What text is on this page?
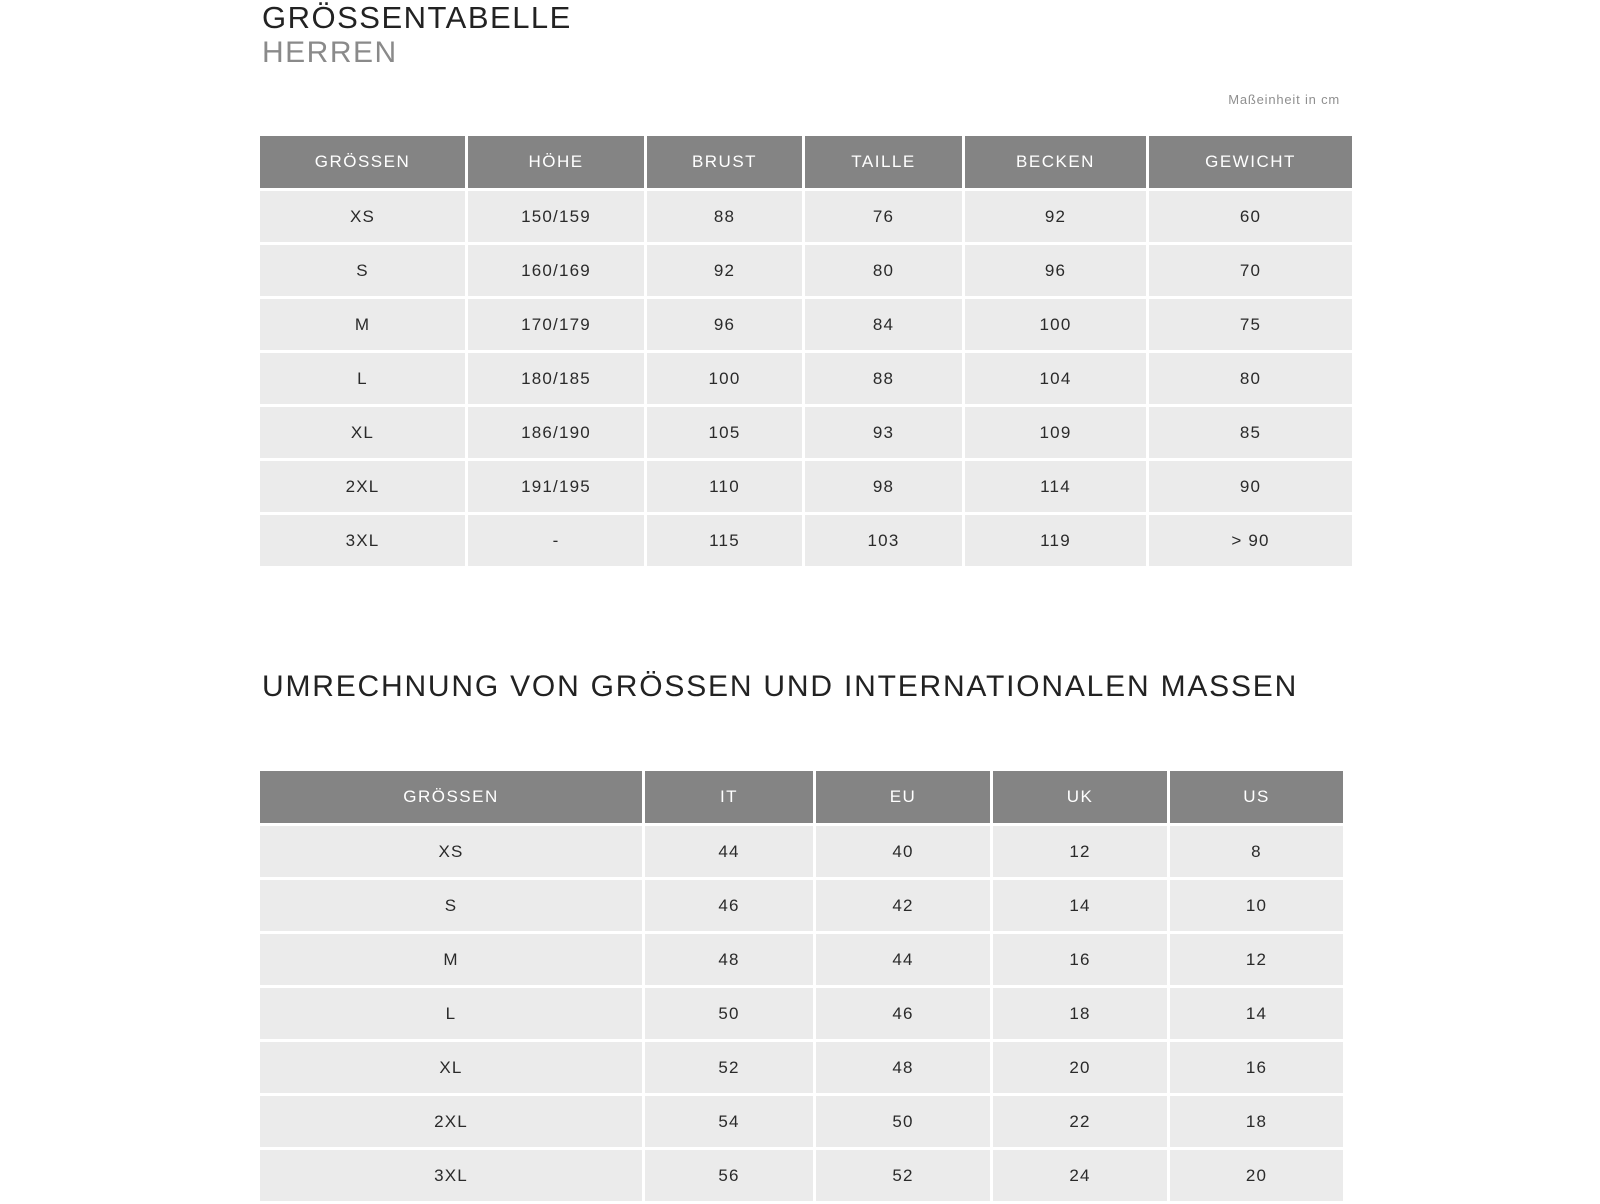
GRÖSSENTABELLE
HERREN
Maßeinheit in cm
GRÖSSEN	HÖHE	BRUST	TAILLE	BECKEN	GEWICHT
XS	150/159	88	76	92	60
S	160/169	92	80	96	70
M	170/179	96	84	100	75
L	180/185	100	88	104	80
XL	186/190	105	93	109	85
2XL	191/195	110	98	114	90
3XL	-	115	103	119	> 90
UMRECHNUNG VON GRÖSSEN UND INTERNATIONALEN MASSEN
GRÖSSEN	IT	EU	UK	US
XS	44	40	12	8
S	46	42	14	10
M	48	44	16	12
L	50	46	18	14
XL	52	48	20	16
2XL	54	50	22	18
3XL	56	52	24	20
